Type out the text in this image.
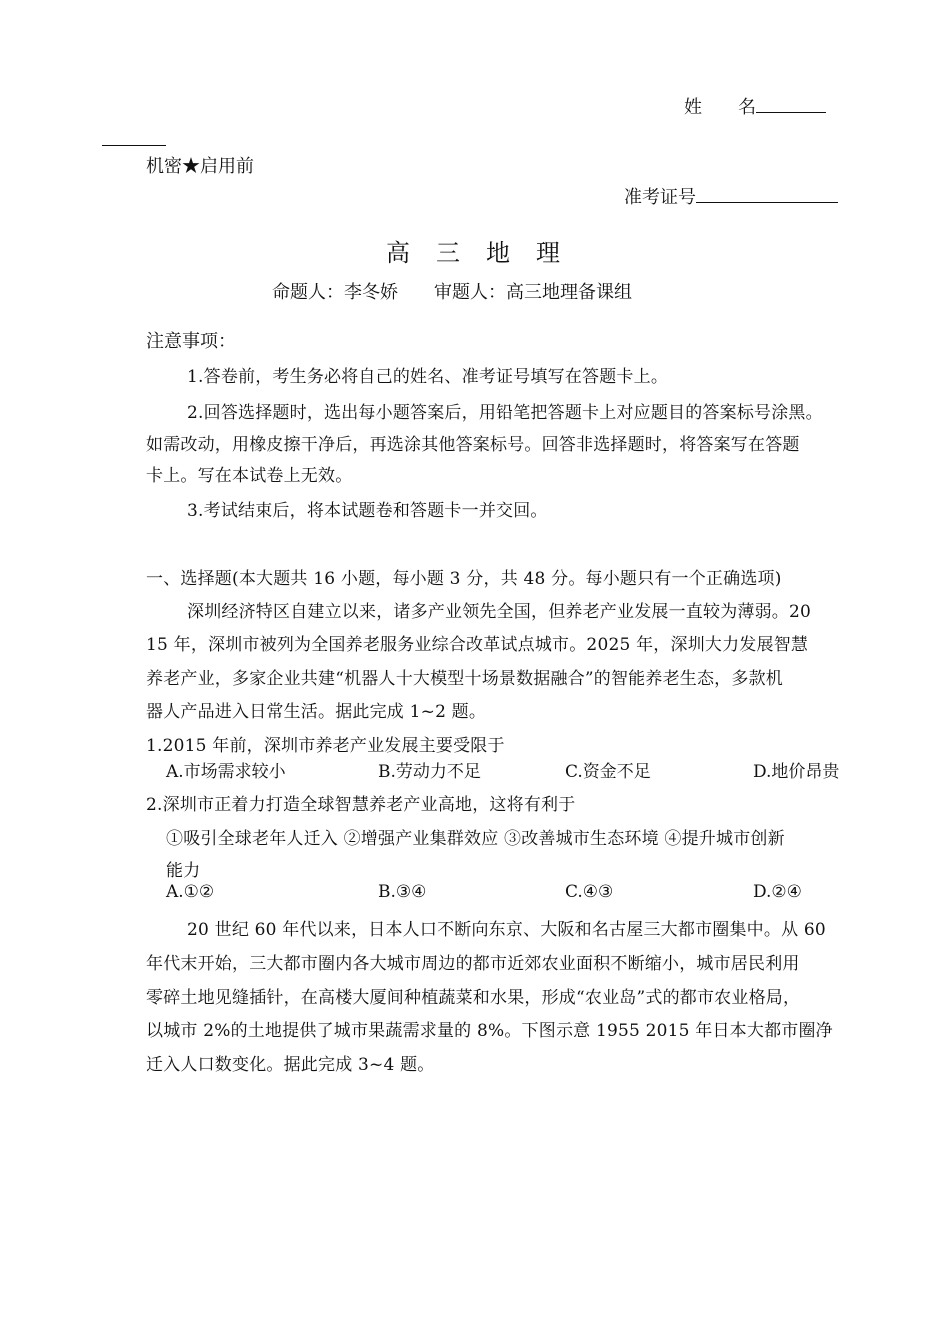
姓　　名
机密★启用前
准考证号
高三地理
命题人：李冬娇　　审题人：高三地理备课组
注意事项：
1.答卷前，考生务必将自己的姓名、准考证号填写在答题卡上。
2.回答选择题时，选出每小题答案后，用铅笔把答题卡上对应题目的答案标号涂黑。
如需改动，用橡皮擦干净后，再选涂其他答案标号。回答非选择题时，将答案写在答题
卡上。写在本试卷上无效。
3.考试结束后，将本试题卷和答题卡一并交回。
一、选择题(本大题共 16 小题，每小题 3 分，共 48 分。每小题只有一个正确选项)
深圳经济特区自建立以来，诸多产业领先全国，但养老产业发展一直较为薄弱。20
15 年，深圳市被列为全国养老服务业综合改革试点城市。2025 年，深圳大力发展智慧
养老产业，多家企业共建“机器人十大模型十场景数据融合”的智能养老生态，多款机
器人产品进入日常生活。据此完成 1~2 题。
1.2015 年前，深圳市养老产业发展主要受限于
A.市场需求较小	B.劳动力不足	C.资金不足	D.地价昂贵
2.深圳市正着力打造全球智慧养老产业高地，这将有利于
①吸引全球老年人迁入 ②增强产业集群效应 ③改善城市生态环境 ④提升城市创新
能力
A.①②	B.③④	C.④③	D.②④
20 世纪 60 年代以来，日本人口不断向东京、大阪和名古屋三大都市圈集中。从 60
年代末开始，三大都市圈内各大城市周边的都市近郊农业面积不断缩小，城市居民利用
零碎土地见缝插针，在高楼大厦间种植蔬菜和水果，形成“农业岛”式的都市农业格局，
以城市 2%的土地提供了城市果蔬需求量的 8%。下图示意 1955 2015 年日本大都市圈净
迁入人口数变化。据此完成 3~4 题。
